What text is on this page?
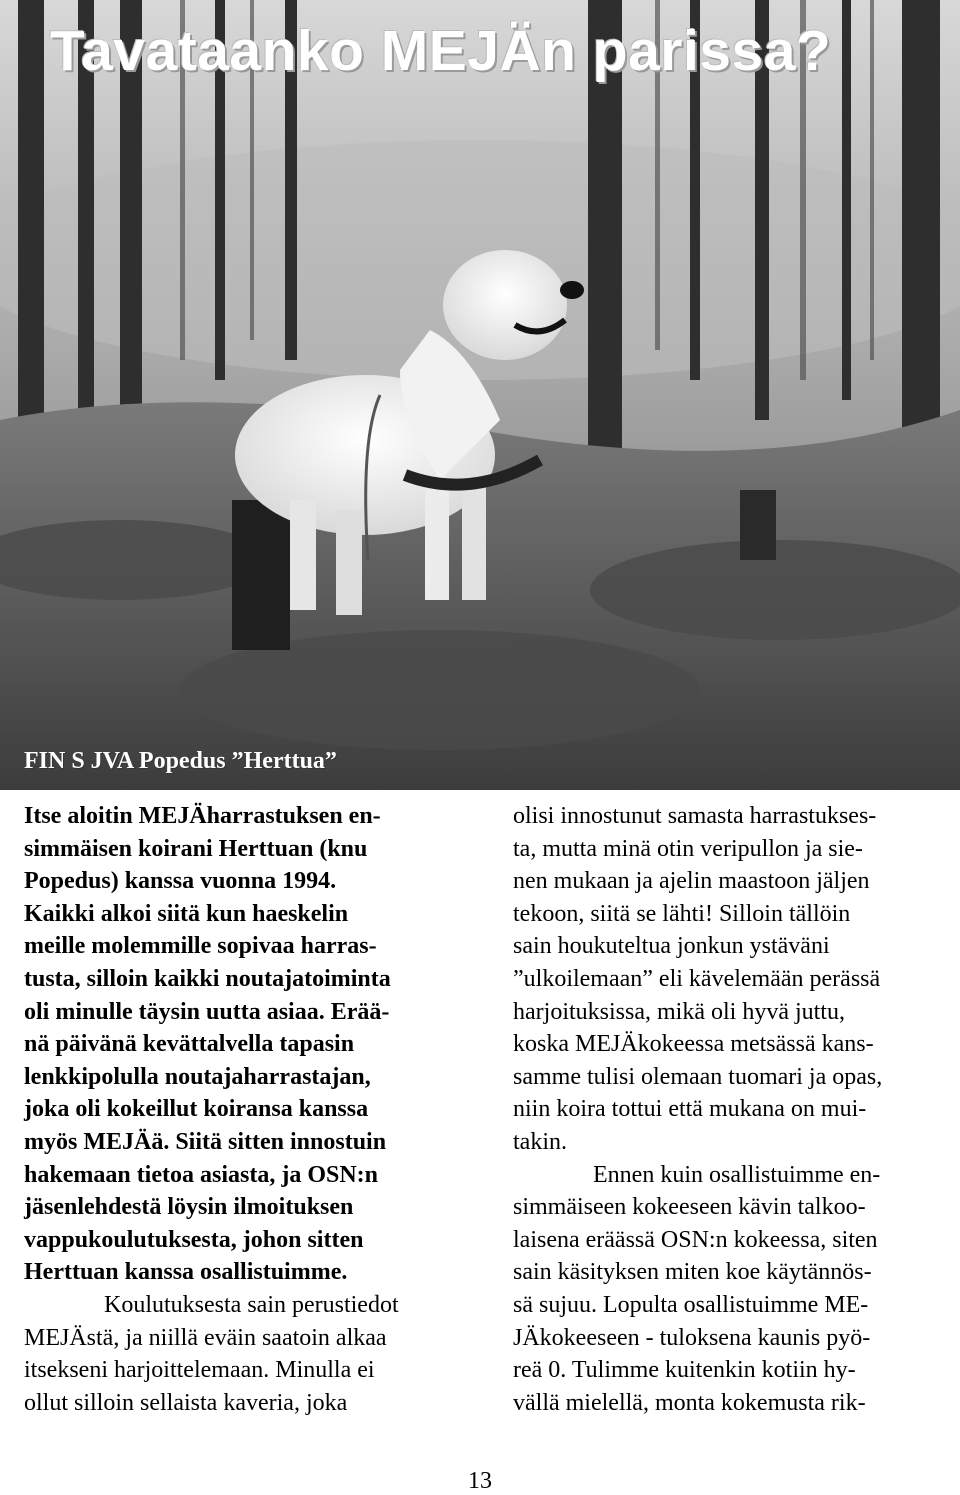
Tavataanko MEJÄn parissa?
FIN S JVA Popedus ”Herttua”
Itse aloitin MEJÄharrastuksen en-
simmäisen koirani Herttuan (knu
Popedus) kanssa vuonna 1994.
Kaikki alkoi siitä kun haeskelin
meille molemmille sopivaa harras-
tusta, silloin kaikki noutajatoiminta
oli minulle täysin uutta asiaa. Erää-
nä päivänä kevättalvella tapasin
lenkkipolulla noutajaharrastajan,
joka oli kokeillut koiransa kanssa
myös MEJÄä. Siitä sitten innostuin
hakemaan tietoa asiasta, ja OSN:n
jäsenlehdestä löysin ilmoituksen
vappukoulutuksesta, johon sitten
Herttuan kanssa osallistuimme.
Koulutuksesta sain perustiedot
MEJÄstä, ja niillä eväin saatoin alkaa
itsekseni harjoittelemaan. Minulla ei
ollut silloin sellaista kaveria, joka
olisi innostunut samasta harrastukses-
ta, mutta minä otin veripullon ja sie-
nen mukaan ja ajelin maastoon jäljen
tekoon, siitä se lähti! Silloin tällöin
sain houkuteltua jonkun ystäväni
”ulkoilemaan” eli kävelemään perässä
harjoituksissa, mikä oli hyvä juttu,
koska MEJÄkokeessa metsässä kans-
samme tulisi olemaan tuomari ja opas,
niin koira tottui että mukana on mui-
takin.
Ennen kuin osallistuimme en-
simmäiseen kokeeseen kävin talkoo-
laisena eräässä OSN:n kokeessa, siten
sain käsityksen miten koe käytännös-
sä sujuu. Lopulta osallistuimme ME-
JÄkokeeseen - tuloksena kaunis pyö-
reä 0. Tulimme kuitenkin kotiin hy-
vällä mielellä, monta kokemusta rik-
13
